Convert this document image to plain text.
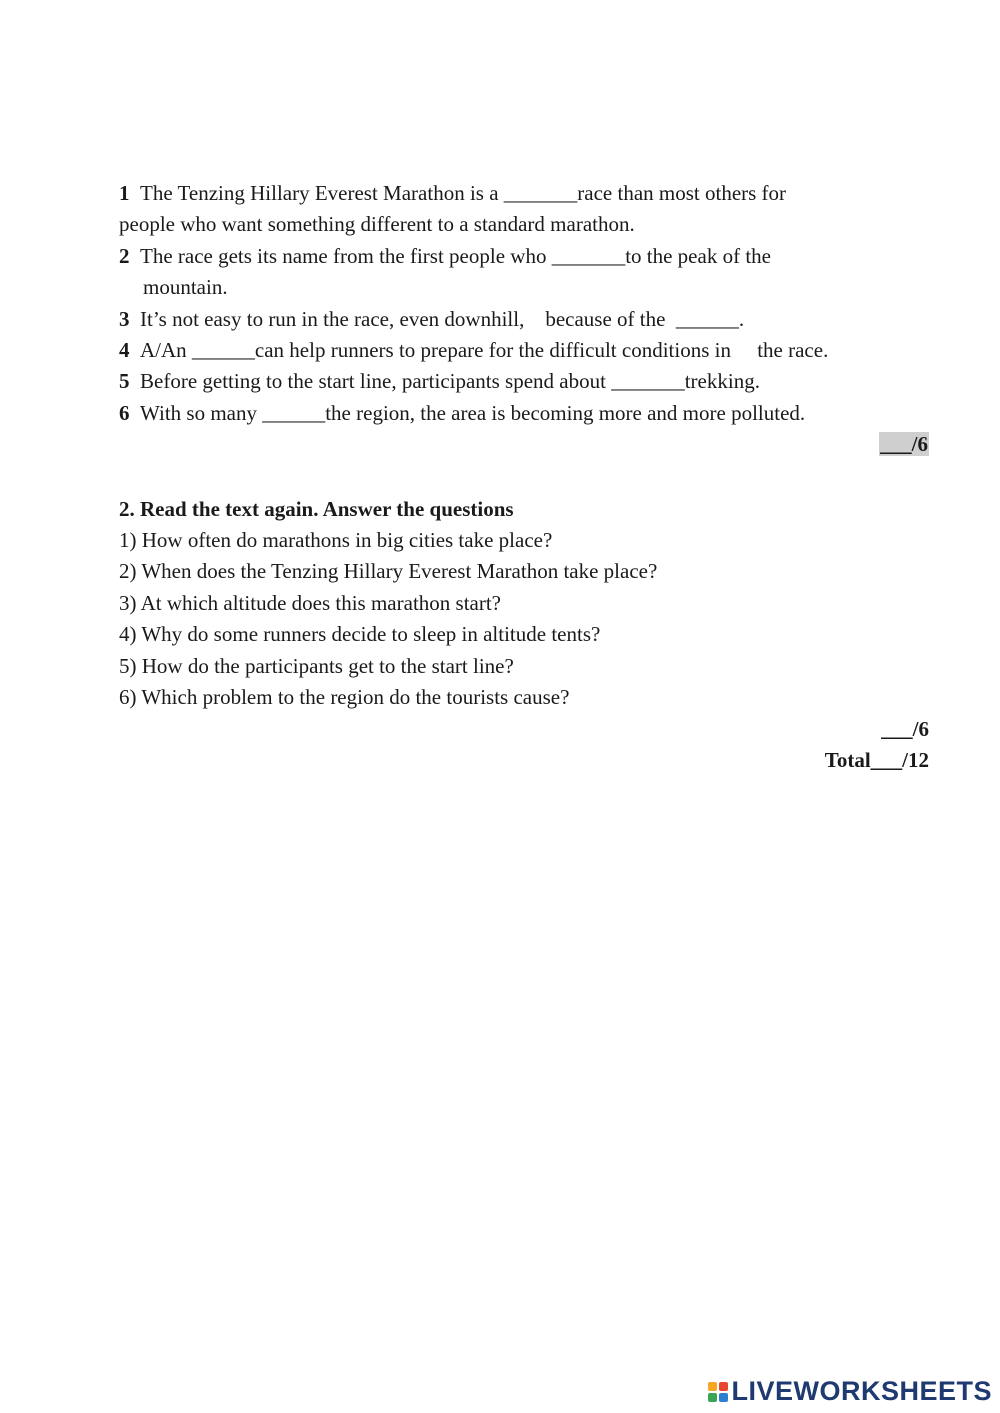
1 The Tenzing Hillary Everest Marathon is a _______race than most others for
people who want something different to a standard marathon.
2 The race gets its name from the first people who _______to the peak of the
mountain.
3 It’s not easy to run in the race, even downhill,    because of the  ______.
4 A/An ______can help runners to prepare for the difficult conditions in     the race.
5 Before getting to the start line, participants spend about _______trekking.
6 With so many ______the region, the area is becoming more and more polluted.
___/6
2. Read the text again. Answer the questions
1) How often do marathons in big cities take place?
2) When does the Tenzing Hillary Everest Marathon take place?
3) At which altitude does this marathon start?
4) Why do some runners decide to sleep in altitude tents?
5) How do the participants get to the start line?
6) Which problem to the region do the tourists cause?
___/6
Total___/12
LIVEWORKSHEETS
